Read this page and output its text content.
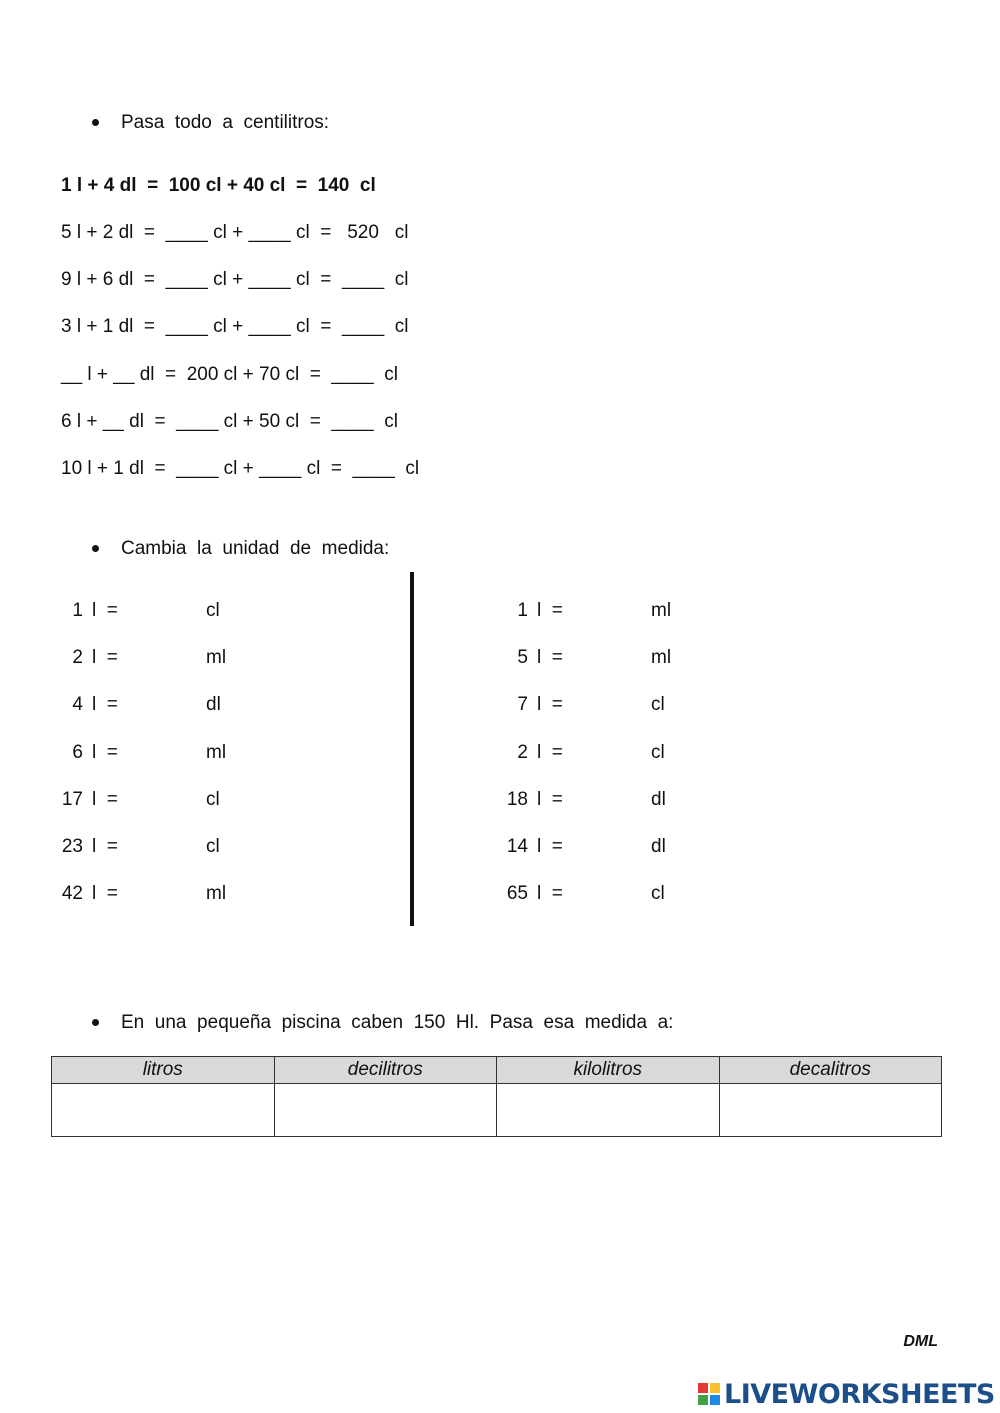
Pasa  todo  a  centilitros:
1 l + 4 dl  =  100 cl + 40 cl  =  140  cl
5 l + 2 dl  =  ____ cl + ____ cl  =   520   cl
9 l + 6 dl  =  ____ cl + ____ cl  =  ____  cl
3 l + 1 dl  =  ____ cl + ____ cl  =  ____  cl
__ l + __ dl  =  200 cl + 70 cl  =  ____  cl
6 l + __ dl  =  ____ cl + 50 cl  =  ____  cl
10 l + 1 dl  =  ____ cl + ____ cl  =  ____  cl
Cambia  la  unidad  de  medida:
1 l  =	cl
2 l  =	ml
4 l  =	dl
6 l  =	ml
17 l  =	cl
23 l  =	cl
42 l  =	ml
1 l  =	ml
5 l  =	ml
7 l  =	cl
2 l  =	cl
18 l  =	dl
14 l  =	dl
65 l  =	cl
En  una  pequeña  piscina  caben  150  Hl.  Pasa  esa  medida  a:
litros	decilitros	kilolitros	decalitros

DML
LIVEWORKSHEETS
